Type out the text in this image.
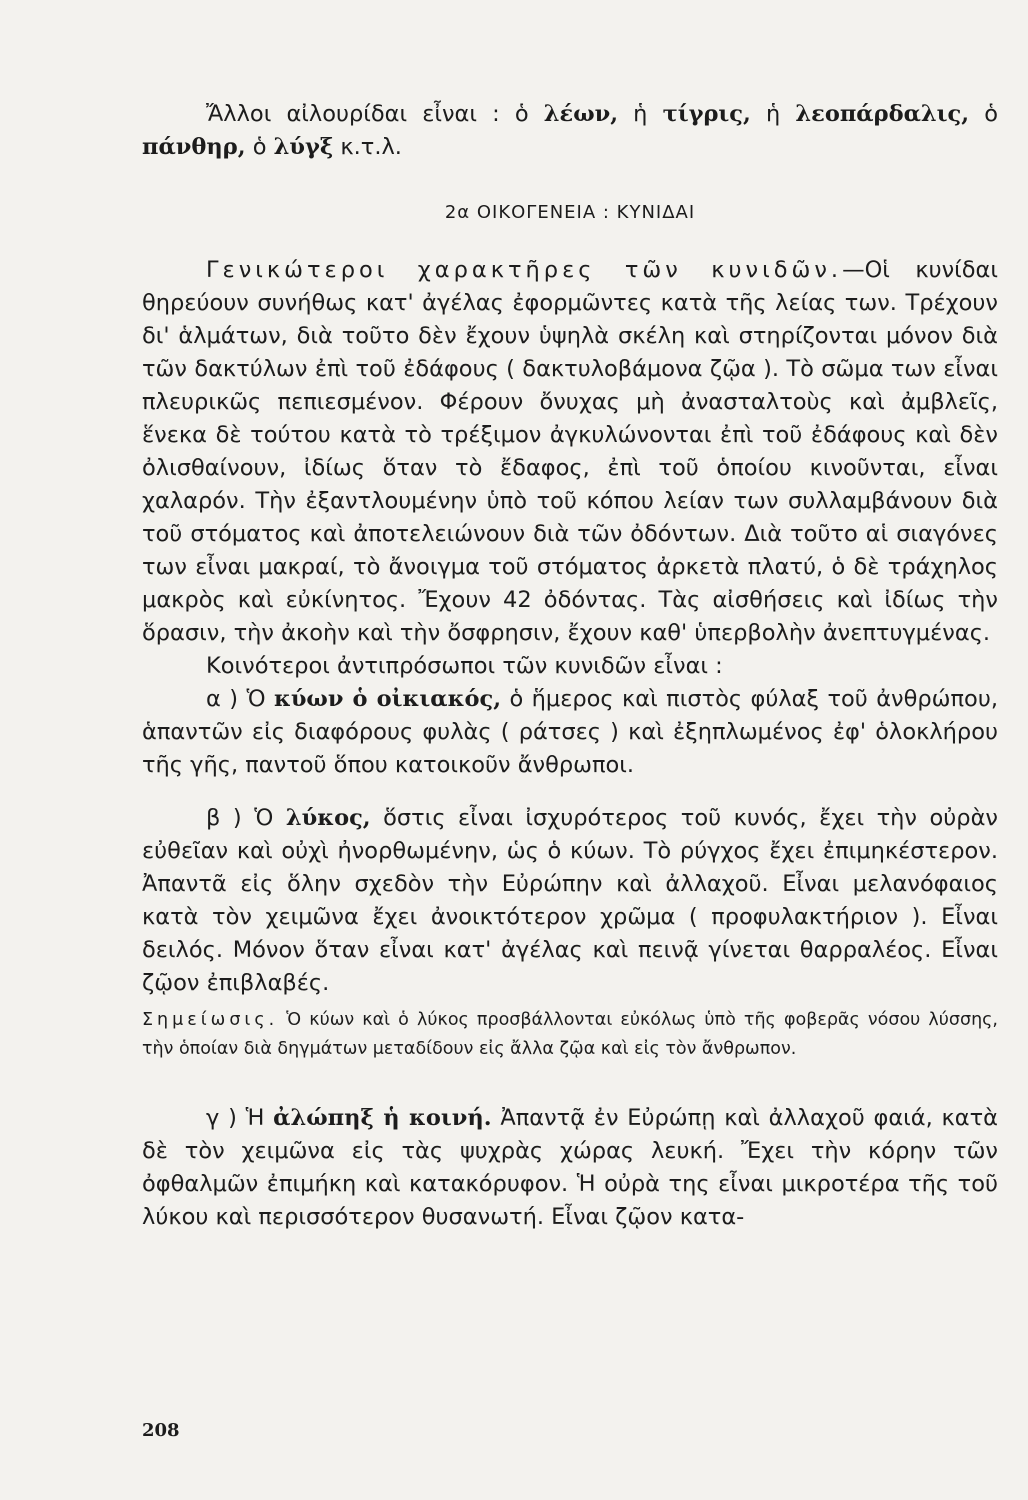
Ἄλλοι αἰλουρίδαι εἶναι : ὁ λέων, ἡ τίγρις, ἡ λεοπάρδαλις, ὁ πάνθηρ, ὁ λύγξ κ.τ.λ.

2α ΟΙΚΟΓΕΝΕΙΑ : ΚΥΝΙΔΑΙ

Γενικώτεροι χαρακτῆρες τῶν κυνιδῶν.—Οἱ κυνίδαι θηρεύουν συνήθως κατ' ἀγέλας ἐφορμῶντες κατὰ τῆς λείας των. Τρέχουν δι' ἁλμάτων, διὰ τοῦτο δὲν ἔχουν ὑψηλὰ σκέλη καὶ στηρίζονται μόνον διὰ τῶν δακτύλων ἐπὶ τοῦ ἐδάφους ( δακτυλοβάμονα ζῷα ). Τὸ σῶμα των εἶναι πλευρικῶς πεπιεσμένον. Φέρουν ὄνυχας μὴ ἀνασταλτοὺς καὶ ἀμβλεῖς, ἕνεκα δὲ τούτου κατὰ τὸ τρέξιμον ἀγκυλώνονται ἐπὶ τοῦ ἐδάφους καὶ δὲν ὀλισθαίνουν, ἰδίως ὅταν τὸ ἔδαφος, ἐπὶ τοῦ ὁποίου κινοῦνται, εἶναι χαλαρόν. Τὴν ἐξαντλουμένην ὑπὸ τοῦ κόπου λείαν των συλλαμβάνουν διὰ τοῦ στόματος καὶ ἀποτελειώνουν διὰ τῶν ὀδόντων. Διὰ τοῦτο αἱ σιαγόνες των εἶναι μακραί, τὸ ἄνοιγμα τοῦ στόματος ἀρκετὰ πλατύ, ὁ δὲ τράχηλος μακρὸς καὶ εὐκίνητος. Ἔχουν 42 ὀδόντας. Τὰς αἰσθήσεις καὶ ἰδίως τὴν ὅρασιν, τὴν ἀκοὴν καὶ τὴν ὄσφρησιν, ἔχουν καθ' ὑπερβολὴν ἀνεπτυγμένας.

Κοινότεροι ἀντιπρόσωποι τῶν κυνιδῶν εἶναι :

α ) Ὁ κύων ὁ οἰκιακός, ὁ ἥμερος καὶ πιστὸς φύλαξ τοῦ ἀνθρώπου, ἁπαντῶν εἰς διαφόρους φυλὰς ( ράτσες ) καὶ ἐξηπλωμένος ἐφ' ὁλοκλήρου τῆς γῆς, παντοῦ ὅπου κατοικοῦν ἄνθρωποι.

β ) Ὁ λύκος, ὅστις εἶναι ἰσχυρότερος τοῦ κυνός, ἔχει τὴν οὐρὰν εὐθεῖαν καὶ οὐχὶ ἠνορθωμένην, ὡς ὁ κύων. Τὸ ρύγχος ἔχει ἐπιμηκέστερον. Ἀπαντᾶ εἰς ὅλην σχεδὸν τὴν Εὐρώπην καὶ ἀλλαχοῦ. Εἶναι μελανόφαιος κατὰ τὸν χειμῶνα ἔχει ἀνοικτότερον χρῶμα ( προφυλακτήριον ). Εἶναι δειλός. Μόνον ὅταν εἶναι κατ' ἀγέλας καὶ πεινᾷ γίνεται θαρραλέος. Εἶναι ζῷον ἐπιβλαβές.

Σημείωσις. Ὁ κύων καὶ ὁ λύκος προσβάλλονται εὐκόλως ὑπὸ τῆς φοβερᾶς νόσου λύσσης, τὴν ὁποίαν διὰ δηγμάτων μεταδίδουν εἰς ἄλλα ζῷα καὶ εἰς τὸν ἄνθρωπον.

γ ) Ἡ ἀλώπηξ ἡ κοινή. Ἀπαντᾷ ἐν Εὐρώπῃ καὶ ἀλλαχοῦ φαιά, κατὰ δὲ τὸν χειμῶνα εἰς τὰς ψυχρὰς χώρας λευκή. Ἔχει τὴν κόρην τῶν ὀφθαλμῶν ἐπιμήκη καὶ κατακόρυφον. Ἡ οὐρὰ της εἶναι μικροτέρα τῆς τοῦ λύκου καὶ περισσότερον θυσανωτή. Εἶναι ζῷον κατα-

208
